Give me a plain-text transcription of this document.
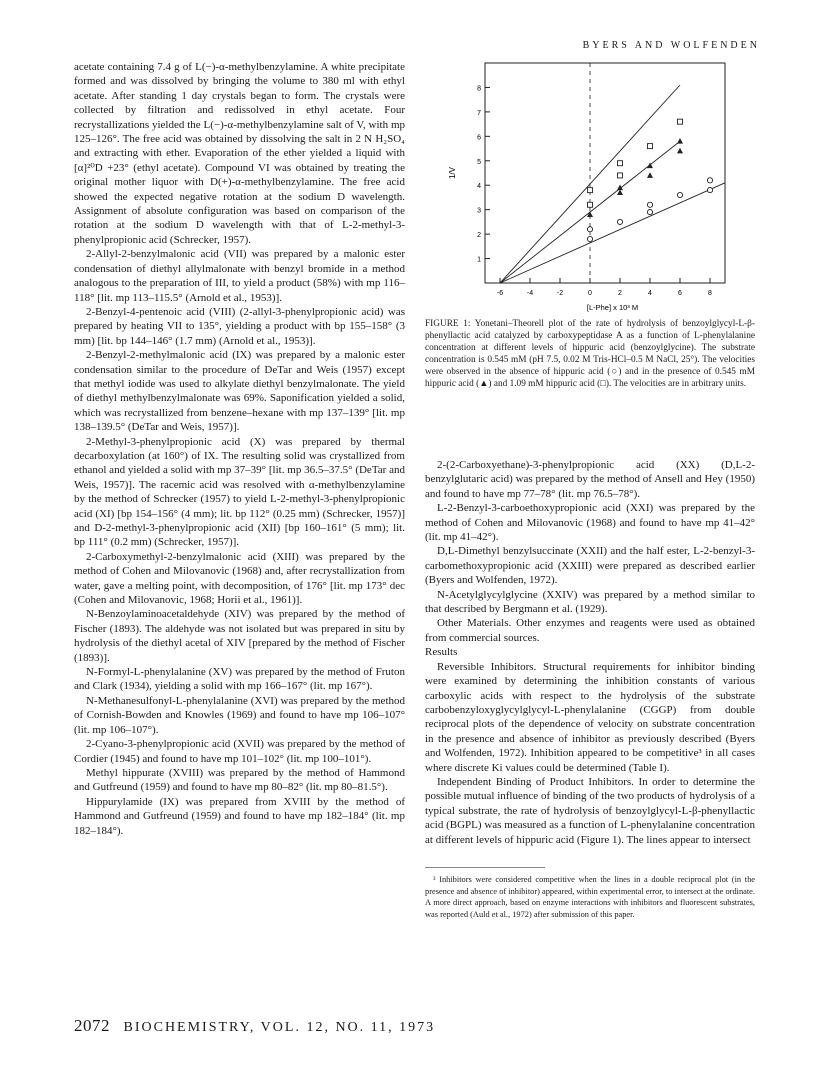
BYERS AND WOLFENDEN

acetate containing 7.4 g of L(−)-α-methylbenzylamine. A white precipitate formed and was dissolved by bringing the volume to 380 ml with ethyl acetate. After standing 1 day crystals began to form. The crystals were collected by filtration and redissolved in ethyl acetate. Four recrystallizations yielded the L(−)-α-methylbenzylamine salt of V, with mp 125–126°. The free acid was obtained by dissolving the salt in 2 N H₂SO₄ and extracting with ether. Evaporation of the ether yielded a liquid with [α]²⁰D +23° (ethyl acetate). Compound VI was obtained by treating the original mother liquor with D(+)-α-methylbenzylamine. The free acid showed the expected negative rotation at the sodium D wavelength. Assignment of absolute configuration was based on comparison of the rotation at the sodium D wavelength with that of L-2-methyl-3-phenylpropionic acid (Schrecker, 1957).

2-Allyl-2-benzylmalonic acid (VII) was prepared by a malonic ester condensation of diethyl allylmalonate with benzyl bromide in a method analogous to the preparation of III, to yield a product (58%) with mp 116–118° [lit. mp 113–115.5° (Arnold et al., 1953)].

2-Benzyl-4-pentenoic acid (VIII) (2-allyl-3-phenylpropionic acid) was prepared by heating VII to 135°, yielding a product with bp 155–158° (3 mm) [lit. bp 144–146° (1.7 mm) (Arnold et al., 1953)].

2-Benzyl-2-methylmalonic acid (IX) was prepared by a malonic ester condensation similar to the procedure of DeTar and Weis (1957) except that methyl iodide was used to alkylate diethyl benzylmalonate. The yield of diethyl methylbenzylmalonate was 69%. Saponification yielded a solid, which was recrystallized from benzene–hexane with mp 137–139° [lit. mp 138–139.5° (DeTar and Weis, 1957)].

2-Methyl-3-phenylpropionic acid (X) was prepared by thermal decarboxylation (at 160°) of IX. The resulting solid was crystallized from ethanol and yielded a solid with mp 37–39° [lit. mp 36.5–37.5° (DeTar and Weis, 1957)]. The racemic acid was resolved with α-methylbenzylamine by the method of Schrecker (1957) to yield L-2-methyl-3-phenylpropionic acid (XI) [bp 154–156° (4 mm); lit. bp 112° (0.25 mm) (Schrecker, 1957)] and D-2-methyl-3-phenylpropionic acid (XII) [bp 160–161° (5 mm); lit. bp 111° (0.2 mm) (Schrecker, 1957)].

2-Carboxymethyl-2-benzylmalonic acid (XIII) was prepared by the method of Cohen and Milovanovic (1968) and, after recrystallization from water, gave a melting point, with decomposition, of 176° [lit. mp 173° dec (Cohen and Milovanovic, 1968; Horii et al., 1961)].

N-Benzoylaminoacetaldehyde (XIV) was prepared by the method of Fischer (1893). The aldehyde was not isolated but was prepared in situ by hydrolysis of the diethyl acetal of XIV [prepared by the method of Fischer (1893)].

N-Formyl-L-phenylalanine (XV) was prepared by the method of Fruton and Clark (1934), yielding a solid with mp 166–167° (lit. mp 167°).

N-Methanesulfonyl-L-phenylalanine (XVI) was prepared by the method of Cornish-Bowden and Knowles (1969) and found to have mp 106–107° (lit. mp 106–107°).

2-Cyano-3-phenylpropionic acid (XVII) was prepared by the method of Cordier (1945) and found to have mp 101–102° (lit. mp 100–101°).

Methyl hippurate (XVIII) was prepared by the method of Hammond and Gutfreund (1959) and found to have mp 80–82° (lit. mp 80–81.5°).

Hippurylamide (IX) was prepared from XVIII by the method of Hammond and Gutfreund (1959) and found to have mp 182–184° (lit. mp 182–184°).

-6	-4	-2	0	2	4	6	8
1
2
3
4
5
6
7
8
[L-Phe] x 10³ M
1/V
FIGURE 1: Yonetani–Theorell plot of the rate of hydrolysis of benzoylglycyl-L-β-phenyllactic acid catalyzed by carboxypeptidase A as a function of L-phenylalanine concentration at different levels of hippuric acid (benzoylglycine). The substrate concentration is 0.545 mM (pH 7.5, 0.02 M Tris-HCl–0.5 M NaCl, 25°). The velocities were observed in the absence of hippuric acid (○) and in the presence of 0.545 mM hippuric acid (▲) and 1.09 mM hippuric acid (□). The velocities are in arbitrary units.

2-(2-Carboxyethane)-3-phenylpropionic acid (XX) (D,L-2-benzylglutaric acid) was prepared by the method of Ansell and Hey (1950) and found to have mp 77–78° (lit. mp 76.5–78°).

L-2-Benzyl-3-carboethoxypropionic acid (XXI) was prepared by the method of Cohen and Milovanovic (1968) and found to have mp 41–42° (lit. mp 41–42°).

D,L-Dimethyl benzylsuccinate (XXII) and the half ester, L-2-benzyl-3-carbomethoxypropionic acid (XXIII) were prepared as described earlier (Byers and Wolfenden, 1972).

N-Acetylglycylglycine (XXIV) was prepared by a method similar to that described by Bergmann et al. (1929).

Other Materials. Other enzymes and reagents were used as obtained from commercial sources.

Results

Reversible Inhibitors. Structural requirements for inhibitor binding were examined by determining the inhibition constants of various carboxylic acids with respect to the hydrolysis of the substrate carbobenzyloxyglycylglycyl-L-phenylalanine (CGGP) from double reciprocal plots of the dependence of velocity on substrate concentration in the presence and absence of inhibitor as previously described (Byers and Wolfenden, 1972). Inhibition appeared to be competitive³ in all cases where discrete Ki values could be determined (Table I).

Independent Binding of Product Inhibitors. In order to determine the possible mutual influence of binding of the two products of hydrolysis of a typical substrate, the rate of hydrolysis of benzoylglycyl-L-β-phenyllactic acid (BGPL) was measured as a function of L-phenylalanine concentration at different levels of hippuric acid (Figure 1). The lines appear to intersect

³ Inhibitors were considered competitive when the lines in a double reciprocal plot (in the presence and absence of inhibitor) appeared, within experimental error, to intersect at the ordinate. A more direct approach, based on enzyme interactions with inhibitors and fluorescent substrates, was reported (Auld et al., 1972) after submission of this paper.
2072 BIOCHEMISTRY, VOL. 12, NO. 11, 1973
